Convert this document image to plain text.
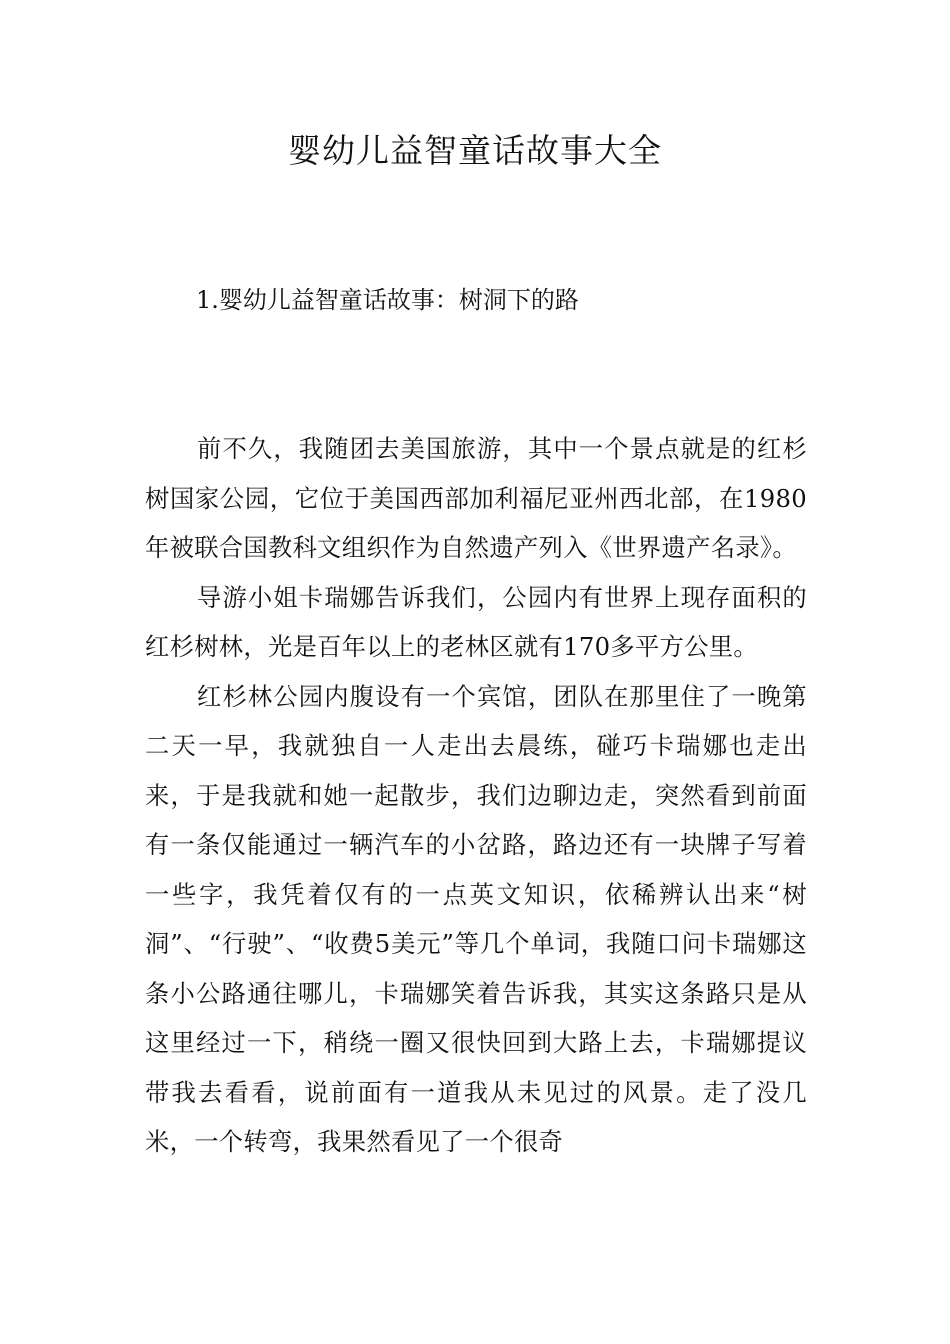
婴幼儿益智童话故事大全
1.婴幼儿益智童话故事：树洞下的路

前不久，我随团去美国旅游，其中一个景点就是的红杉树国家公园，它位于美国西部加利福尼亚州西北部，在1980年被联合国教科文组织作为自然遗产列入《世界遗产名录》。

导游小姐卡瑞娜告诉我们，公园内有世界上现存面积的红杉树林，光是百年以上的老林区就有170多平方公里。

红杉林公园内腹设有一个宾馆，团队在那里住了一晚第二天一早，我就独自一人走出去晨练，碰巧卡瑞娜也走出来，于是我就和她一起散步，我们边聊边走，突然看到前面有一条仅能通过一辆汽车的小岔路，路边还有一块牌子写着一些字，我凭着仅有的一点英文知识，依稀辨认出来“树洞”、“行驶”、“收费5美元”等几个单词，我随口问卡瑞娜这条小公路通往哪儿，卡瑞娜笑着告诉我，其实这条路只是从这里经过一下，稍绕一圈又很快回到大路上去，卡瑞娜提议带我去看看，说前面有一道我从未见过的风景。走了没几米，一个转弯，我果然看见了一个很奇
